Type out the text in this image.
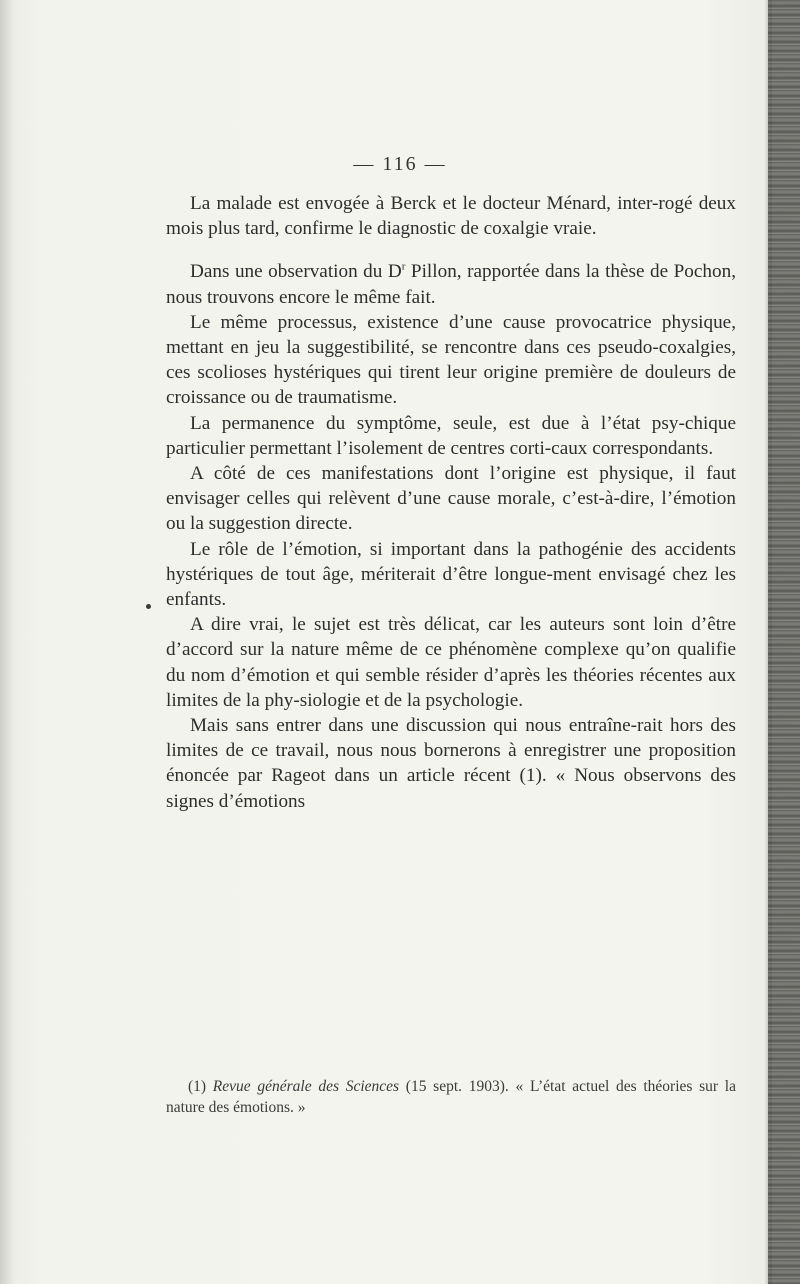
— 116 —

La malade est envogée à Berck et le docteur Ménard, inter-rogé deux mois plus tard, confirme le diagnostic de coxalgie vraie.

Dans une observation du $D^r$ Pillon, rapportée dans la thèse de Pochon, nous trouvons encore le même fait.

Le même processus, existence d’une cause provocatrice physique, mettant en jeu la suggestibilité, se rencontre dans ces pseudo-coxalgies, ces scolioses hystériques qui tirent leur origine première de douleurs de croissance ou de traumatisme.

La permanence du symptôme, seule, est due à l’état psy-chique particulier permettant l’isolement de centres corti-caux correspondants.

A côté de ces manifestations dont l’origine est physique, il faut envisager celles qui relèvent d’une cause morale, c’est-à-dire, l’émotion ou la suggestion directe.

Le rôle de l’émotion, si important dans la pathogénie des accidents hystériques de tout âge, mériterait d’être longue-ment envisagé chez les enfants.

A dire vrai, le sujet est très délicat, car les auteurs sont loin d’être d’accord sur la nature même de ce phénomène complexe qu’on qualifie du nom d’émotion et qui semble résider d’après les théories récentes aux limites de la phy-siologie et de la psychologie.

Mais sans entrer dans une discussion qui nous entraîne-rait hors des limites de ce travail, nous nous bornerons à enregistrer une proposition énoncée par Rageot dans un article récent (1). « Nous observons des signes d’émotions

(1) Revue générale des Sciences (15 sept. 1903). « L’état actuel des théories sur la nature des émotions. »
